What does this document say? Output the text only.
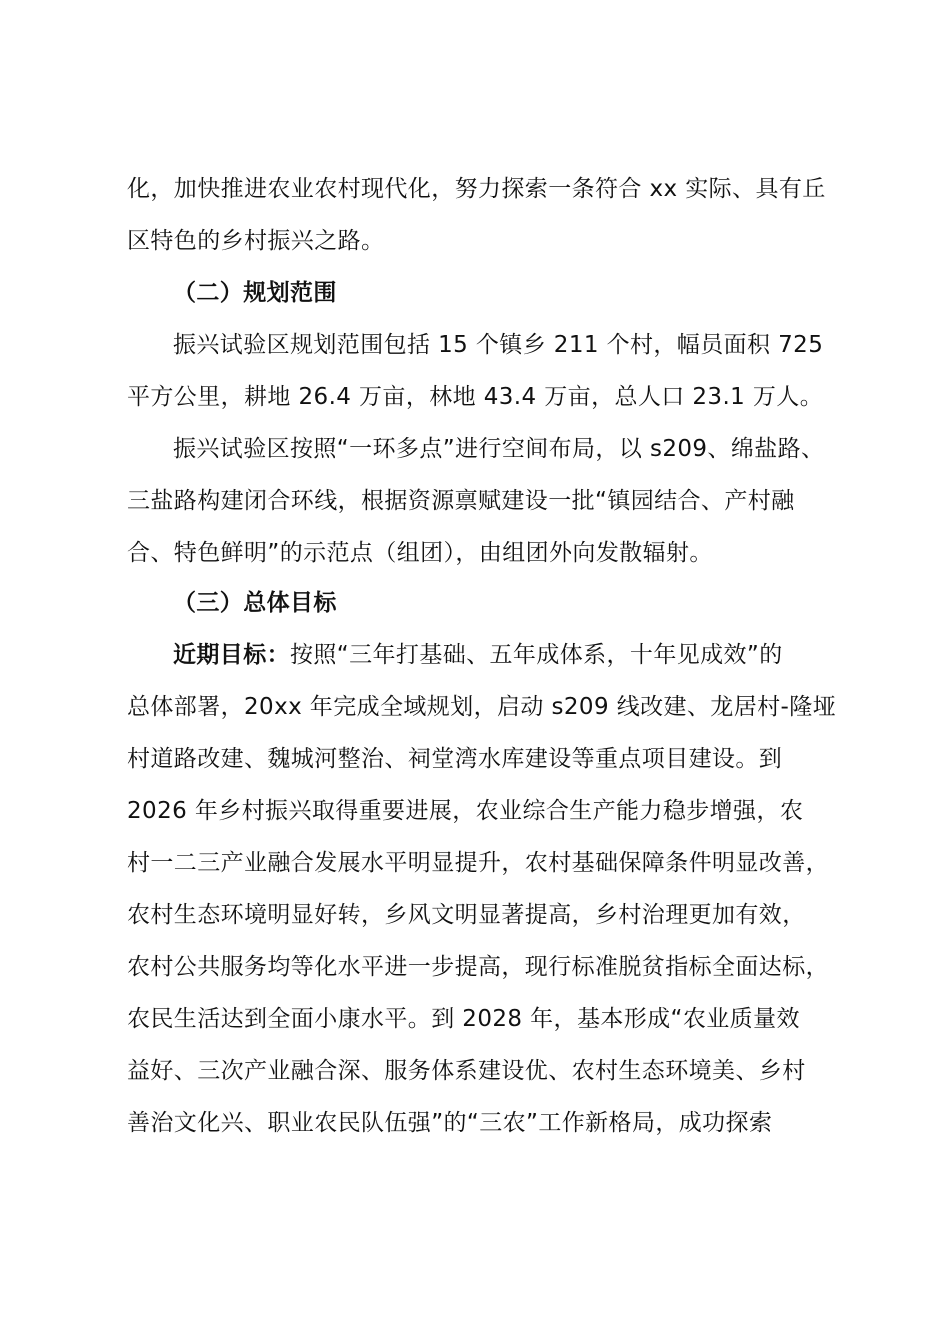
化，加快推进农业农村现代化，努力探索一条符合 xx 实际、具有丘
区特色的乡村振兴之路。
（二）规划范围
振兴试验区规划范围包括 15 个镇乡 211 个村，幅员面积 725
平方公里，耕地 26.4 万亩，林地 43.4 万亩，总人口 23.1 万人。
振兴试验区按照“一环多点”进行空间布局，以 s209、绵盐路、
三盐路构建闭合环线，根据资源禀赋建设一批“镇园结合、产村融
合、特色鲜明”的示范点（组团），由组团外向发散辐射。
（三）总体目标
近期目标：按照“三年打基础、五年成体系，十年见成效”的
总体部署，20xx 年完成全域规划，启动 s209 线改建、龙居村-隆垭
村道路改建、魏城河整治、祠堂湾水库建设等重点项目建设。到
2026 年乡村振兴取得重要进展，农业综合生产能力稳步增强，农
村一二三产业融合发展水平明显提升，农村基础保障条件明显改善，
农村生态环境明显好转，乡风文明显著提高，乡村治理更加有效，
农村公共服务均等化水平进一步提高，现行标准脱贫指标全面达标，
农民生活达到全面小康水平。到 2028 年，基本形成“农业质量效
益好、三次产业融合深、服务体系建设优、农村生态环境美、乡村
善治文化兴、职业农民队伍强”的“三农”工作新格局，成功探索
